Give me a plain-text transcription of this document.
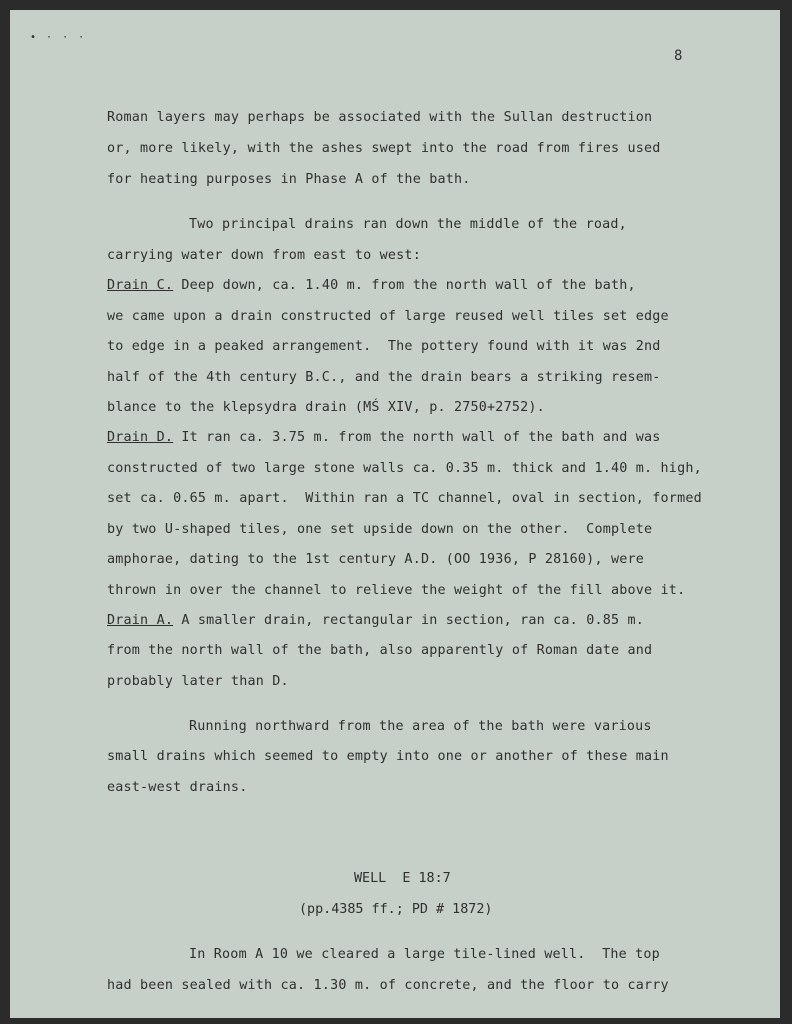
• · · ·
8

Roman layers may perhaps be associated with the Sullan destruction

or, more likely, with the ashes swept into the road from fires used

for heating purposes in Phase A of the bath.

Two principal drains ran down the middle of the road,

carrying water down from east to west:

Drain C. Deep down, ca. 1.40 m. from the north wall of the bath,

we came upon a drain constructed of large reused well tiles set edge

to edge in a peaked arrangement.  The pottery found with it was 2nd

half of the 4th century B.C., and the drain bears a striking resem-

blance to the klepsydra drain (MŚ XIV, p. 2750+2752).

Drain D. It ran ca. 3.75 m. from the north wall of the bath and was

constructed of two large stone walls ca. 0.35 m. thick and 1.40 m. high,

set ca. 0.65 m. apart.  Within ran a TC channel, oval in section, formed

by two U-shaped tiles, one set upside down on the other.  Complete

amphorae, dating to the 1st century A.D. (OO 1936, P 28160), were

thrown in over the channel to relieve the weight of the fill above it.

Drain A. A smaller drain, rectangular in section, ran ca. 0.85 m.

from the north wall of the bath, also apparently of Roman date and

probably later than D.

Running northward from the area of the bath were various

small drains which seemed to empty into one or another of these main

east-west drains.

WELL  E 18:7

(pp.4385 ff.; PD # 1872)

In Room A 10 we cleared a large tile-lined well.  The top

had been sealed with ca. 1.30 m. of concrete, and the floor to carry
